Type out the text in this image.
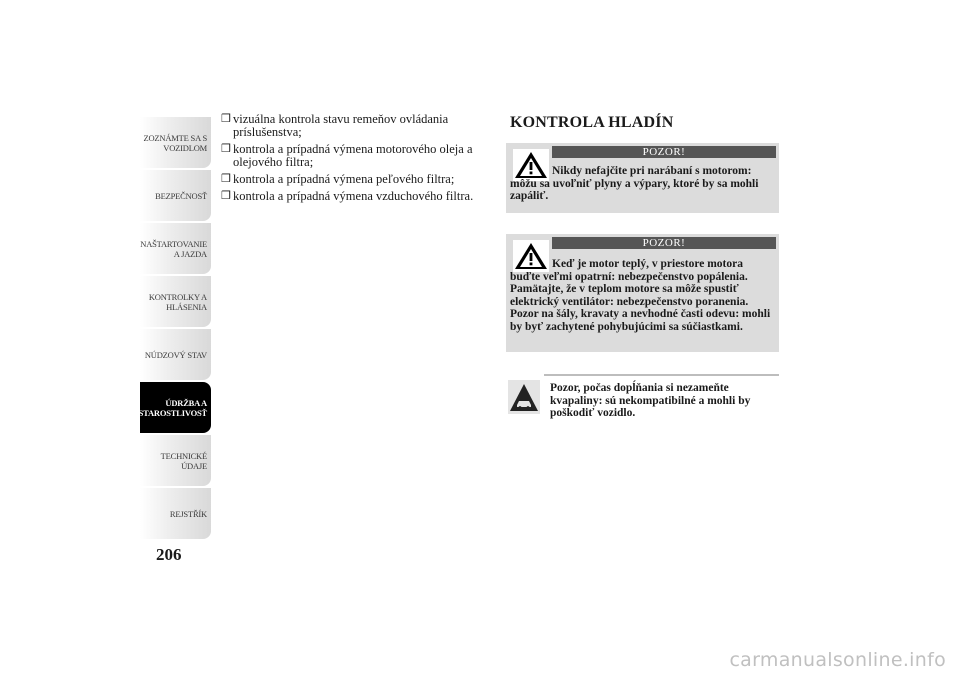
ZOZNÁMTE SA S
VOZIDLOM
BEZPEČNOSŤ
NAŠTARTOVANIE
A JAZDA
KONTROLKY A
HLÁSENIA
NÚDZOVÝ STAV
ÚDRŽBA A
STAROSTLIVOSŤ
TECHNICKÉ
ÚDAJE
REJSTŘÍK
206
❒ vizuálna kontrola stavu remeňov ovládania príslušenstva;
❒ kontrola a prípadná výmena motorového oleja a olejového filtra;
❒ kontrola a prípadná výmena peľového filtra;
❒ kontrola a prípadná výmena vzduchového filtra.
KONTROLA HLADÍN
POZOR!
Nikdy nefajčite pri narábaní s motorom: môžu sa uvoľniť plyny a výpary, ktoré by sa mohli zapáliť.
POZOR!
Keď je motor teplý, v priestore motora buďte veľmi opatrní: nebezpečenstvo popálenia. Pamätajte, že v teplom motore sa môže spustiť elektrický ventilátor: nebezpečenstvo poranenia. Pozor na šály, kravaty a nevhodné časti odevu: mohli by byť zachytené pohybujúcimi sa súčiastkami.
Pozor, počas dopĺňania si nezameňte kvapaliny: sú nekompatibilné a mohli by poškodiť vozidlo.
carmanualsonline.info
